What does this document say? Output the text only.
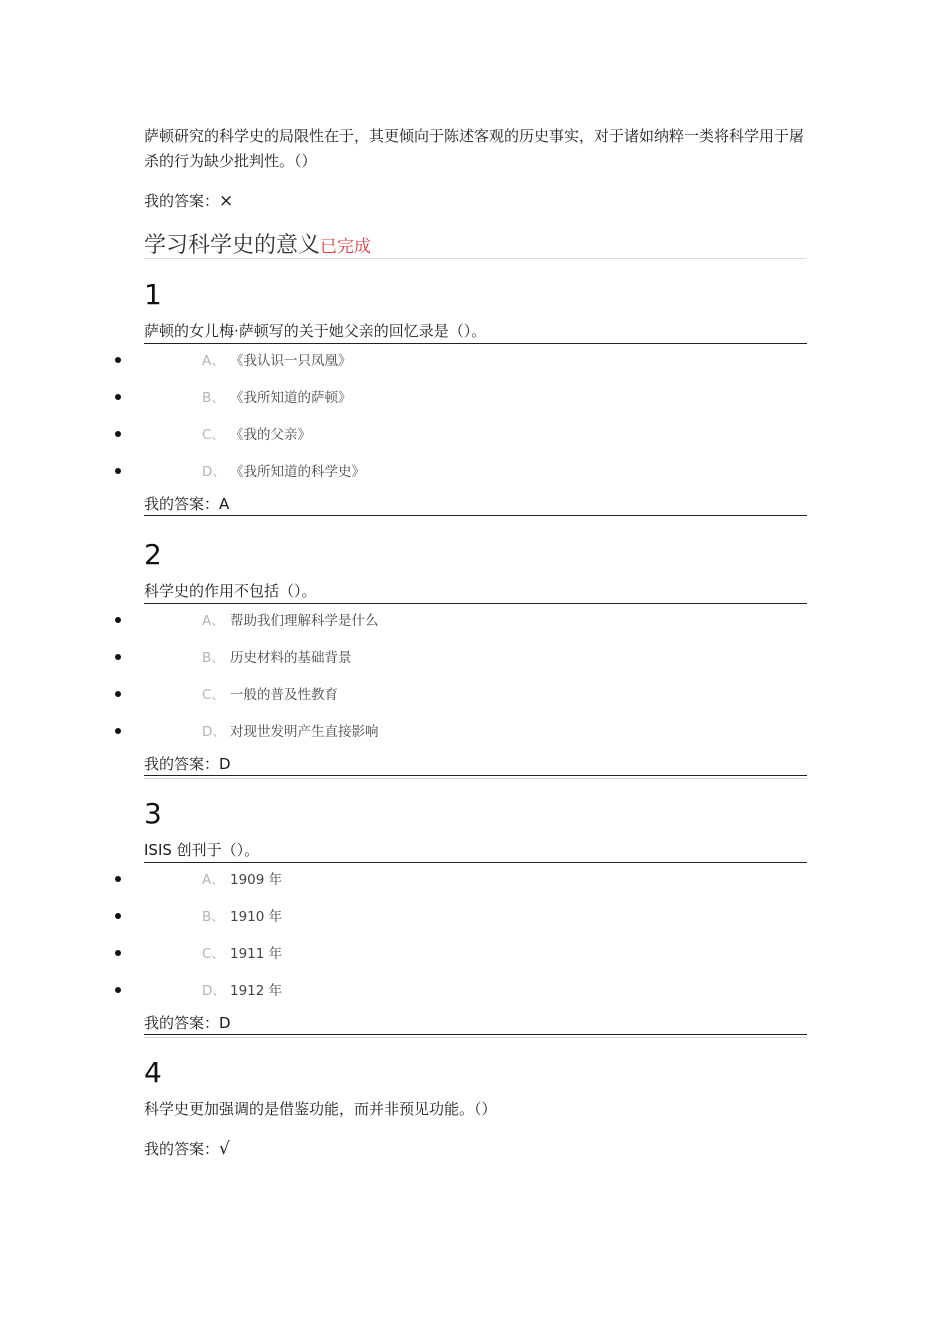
萨顿研究的科学史的局限性在于，其更倾向于陈述客观的历史事实，对于诸如纳粹一类将科学用于屠杀的行为缺少批判性。（）
我的答案：×
学习科学史的意义已完成
1
萨顿的女儿梅·萨顿写的关于她父亲的回忆录是（）。
A、 《我认识一只凤凰》
B、 《我所知道的萨顿》
C、 《我的父亲》
D、 《我所知道的科学史》
我的答案：A
2
科学史的作用不包括（）。
A、 帮助我们理解科学是什么
B、 历史材料的基础背景
C、 一般的普及性教育
D、 对现世发明产生直接影响
我的答案：D
3
ISIS 创刊于（）。
A、 1909 年
B、 1910 年
C、 1911 年
D、 1912 年
我的答案：D
4
科学史更加强调的是借鉴功能，而并非预见功能。（）
我的答案：√
